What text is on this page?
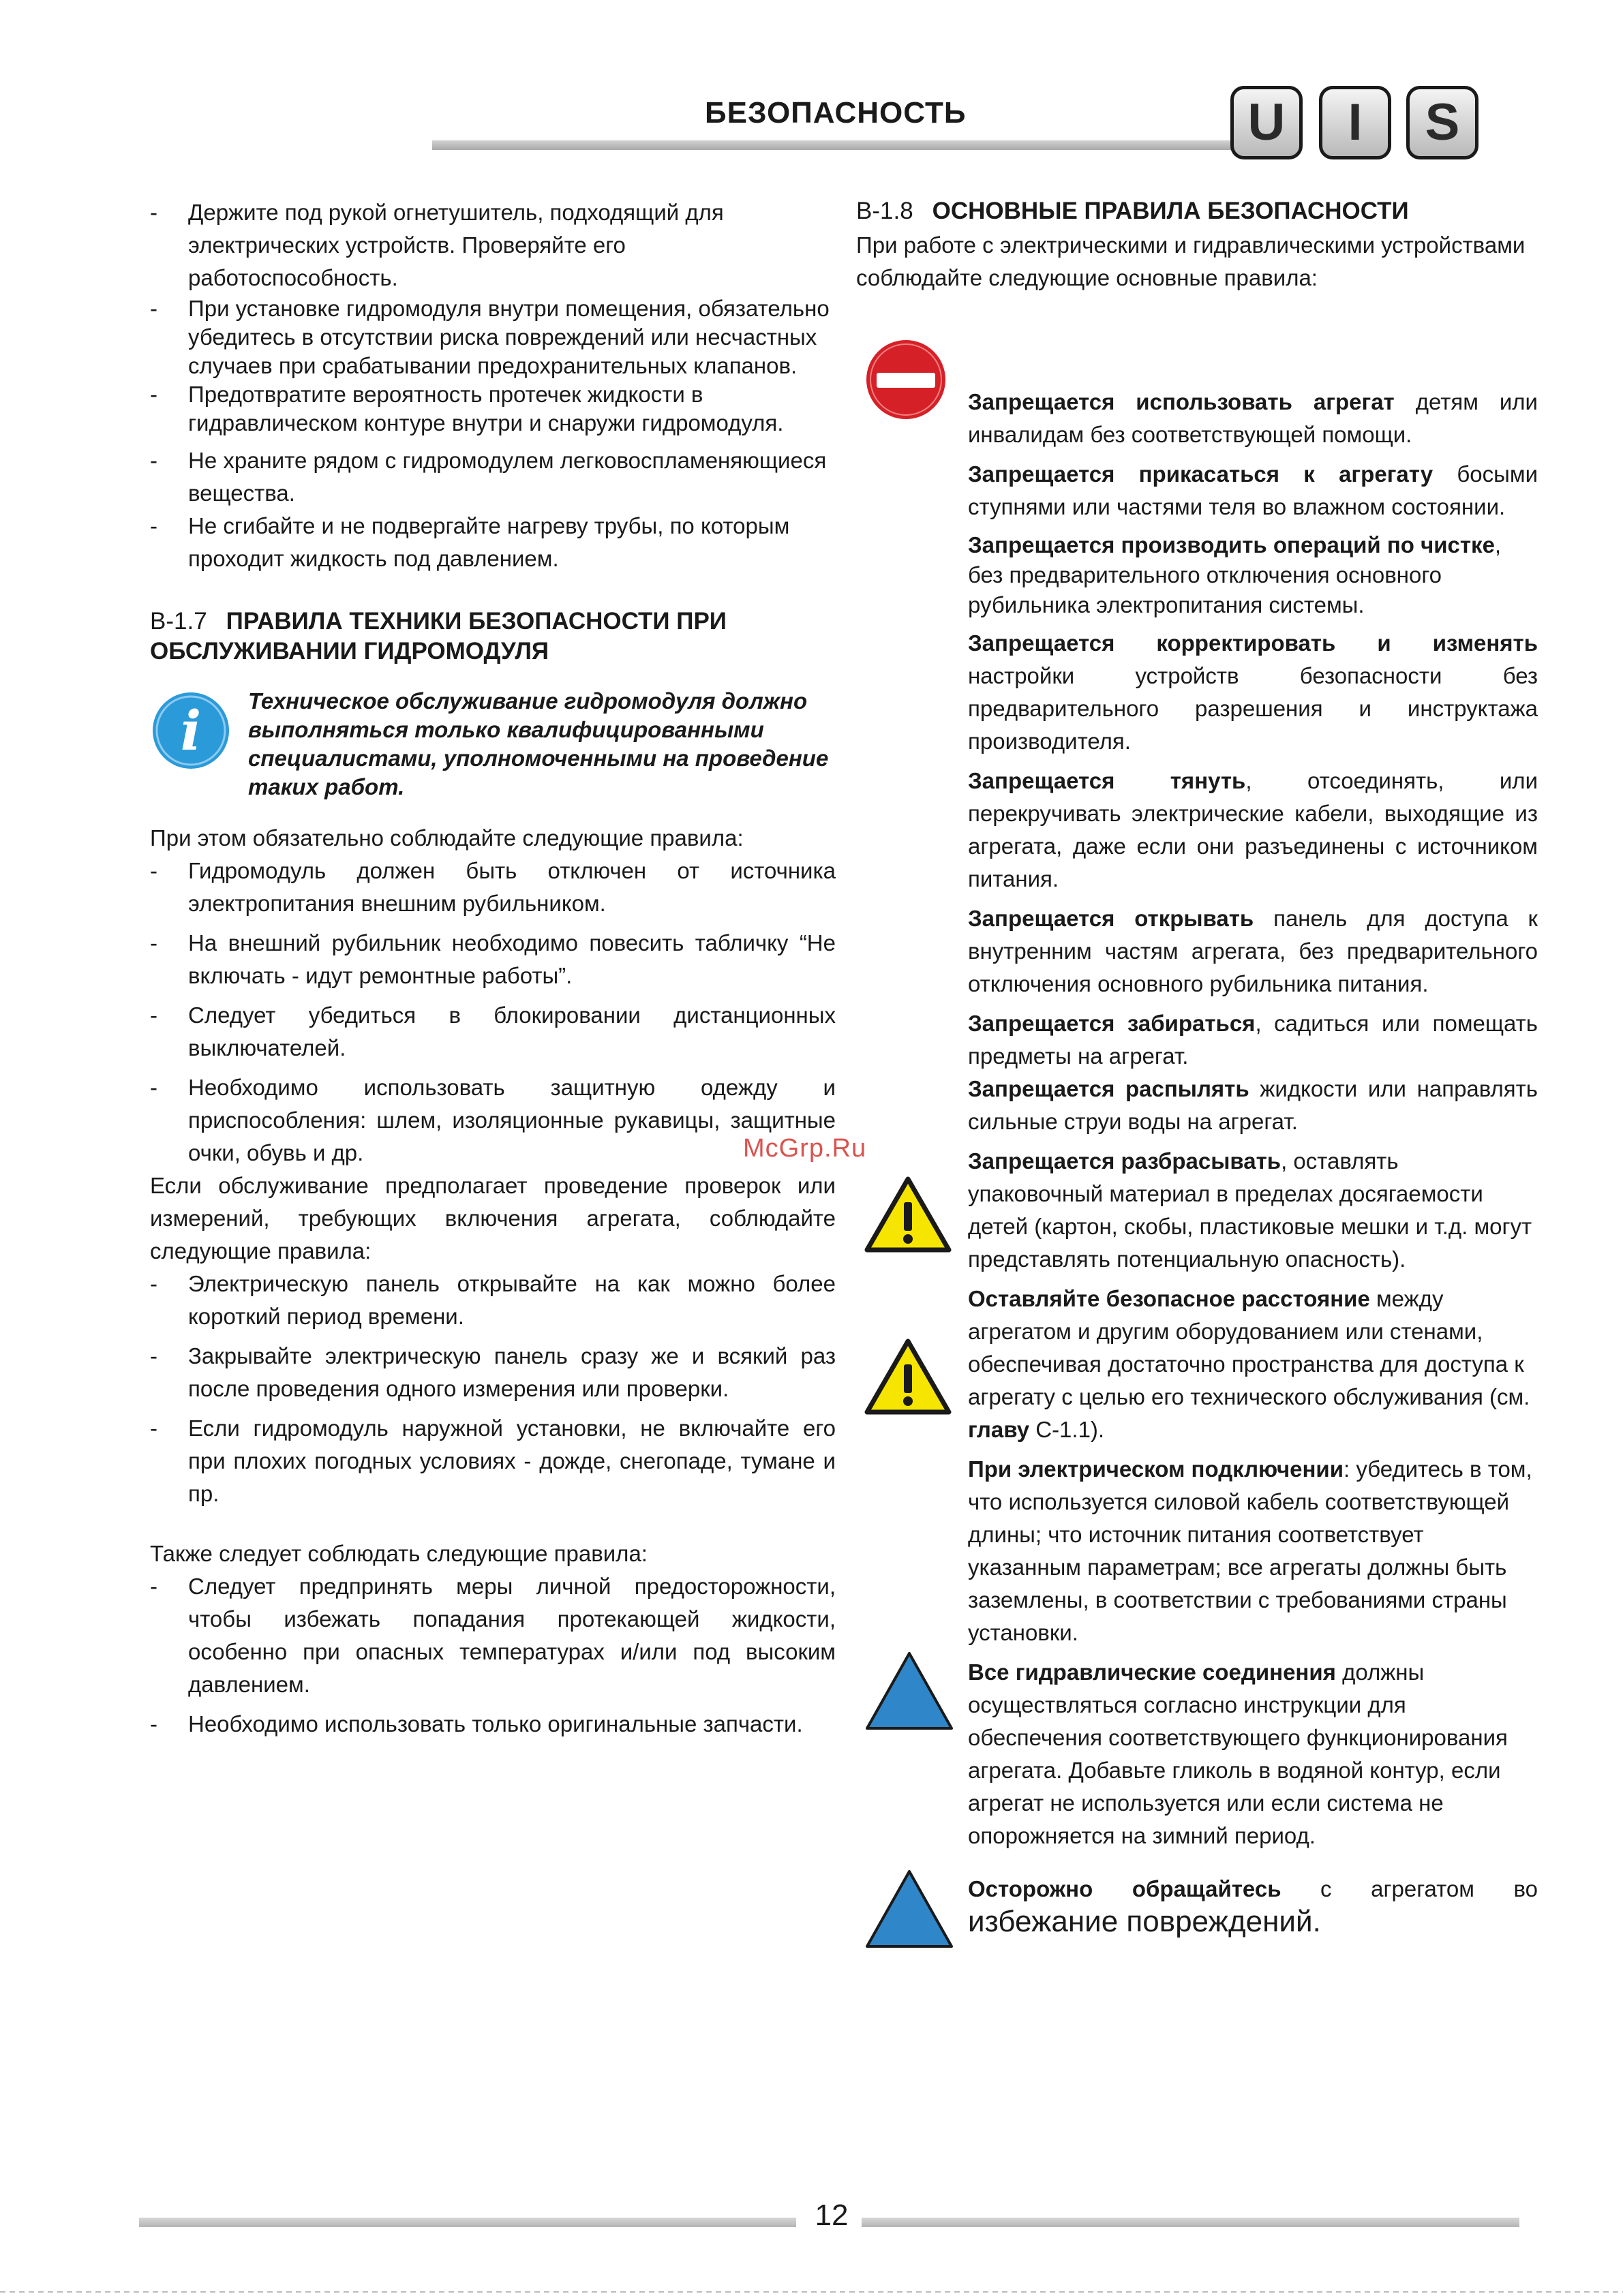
БЕЗОПАСНОСТЬ	U	I	S
- Держите под рукой огнетушитель, подходящий для электрических устройств. Проверяйте его работоспособность.
- При установке гидромодуля внутри помещения, обязательно убедитесь в отсутствии риска повреждений или несчастных случаев при срабатывании предохранительных клапанов.
- Предотвратите вероятность протечек жидкости в гидравлическом контуре внутри и снаружи гидромодуля.
- Не храните рядом с гидромодулем легковоспламеняющиеся вещества.
- Не сгибайте и не подвергайте нагреву трубы, по которым проходит жидкость под давлением.
B-1.7 ПРАВИЛА ТЕХНИКИ БЕЗОПАСНОСТИ ПРИ ОБСЛУЖИВАНИИ ГИДРОМОДУЛЯ
i Техническое обслуживание гидромодуля должно выполняться только квалифицированными специалистами, уполномоченными на проведение таких работ.
При этом обязательно соблюдайте следующие правила:
- Гидромодуль должен быть отключен от источника электропитания внешним рубильником.
- На внешний рубильник необходимо повесить табличку “Не включать - идут ремонтные работы”.
- Следует убедиться в блокировании дистанционных выключателей.
- Необходимо использовать защитную одежду и приспособления: шлем, изоляционные рукавицы, защитные очки, обувь и др.
Если обслуживание предполагает проведение проверок или измерений, требующих включения агрегата, соблюдайте следующие правила:
- Электрическую панель открывайте на как можно более короткий период времени.
- Закрывайте электрическую панель сразу же и всякий раз после проведения одного измерения или проверки.
- Если гидромодуль наружной установки, не включайте его при плохих погодных условиях - дожде, снегопаде, тумане и пр.
Также следует соблюдать следующие правила:
- Следует предпринять меры личной предосторожности, чтобы избежать попадания протекающей жидкости, особенно при опасных температурах и/или под высоким давлением.
- Необходимо использовать только оригинальные запчасти.
B-1.8 ОСНОВНЫЕ ПРАВИЛА БЕЗОПАСНОСТИ
При работе с электрическими и гидравлическими устройствами соблюдайте следующие основные правила:
Запрещается использовать агрегат детям или инвалидам без соответствующей помощи.
Запрещается прикасаться к агрегату босыми ступнями или частями теля во влажном состоянии.
Запрещается производить операций по чистке, без предварительного отключения основного рубильника электропитания системы.
Запрещается корректировать и изменять настройки устройств безопасности без предварительного разрешения и инструктажа производителя.
Запрещается тянуть, отсоединять, или перекручивать электрические кабели, выходящие из агрегата, даже если они разъединены с источником питания.
Запрещается открывать панель для доступа к внутренним частям агрегата, без предварительного отключения основного рубильника питания.
Запрещается забираться, садиться или помещать предметы на агрегат.
Запрещается распылять жидкости или направлять сильные струи воды на агрегат.
Запрещается разбрасывать, оставлять упаковочный материал в пределах досягаемости детей (картон, скобы, пластиковые мешки и т.д. могут представлять потенциальную опасность).
Оставляйте безопасное расстояние между агрегатом и другим оборудованием или стенами, обеспечивая достаточно пространства для доступа к агрегату с целью его технического обслуживания (см. главу C-1.1).
При электрическом подключении: убедитесь в том, что используется силовой кабель соответствующей длины; что источник питания соответствует указанным параметрам; все агрегаты должны быть заземлены, в соответствии с требованиями страны установки.
Все гидравлические соединения должны осуществляться согласно инструкции для обеспечения соответствующего функционирования агрегата. Добавьте гликоль в водяной контур, если агрегат не используется или если система не опорожняется на зимний период.
Осторожно обращайтесь с агрегатом во избежание повреждений.
McGrp.Ru
12
